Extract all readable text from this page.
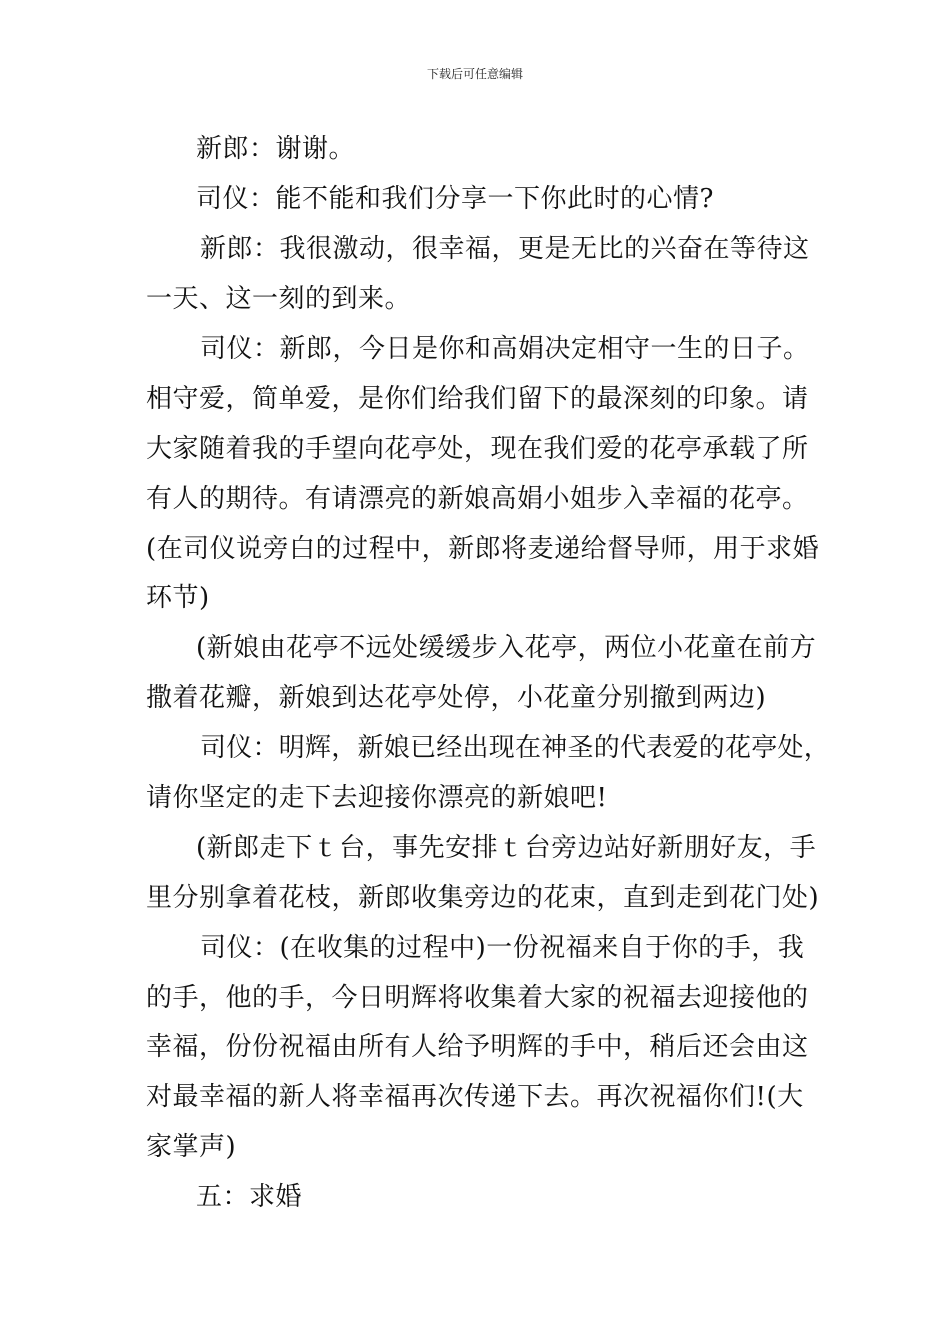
下载后可任意编辑
新郎：谢谢。
司仪：能不能和我们分享一下你此时的心情?
新郎：我很激动，很幸福，更是无比的兴奋在等待这
一天、这一刻的到来。
司仪：新郎，今日是你和高娟决定相守一生的日子。
相守爱，简单爱，是你们给我们留下的最深刻的印象。请
大家随着我的手望向花亭处，现在我们爱的花亭承载了所
有人的期待。有请漂亮的新娘高娟小姐步入幸福的花亭。
(在司仪说旁白的过程中，新郎将麦递给督导师，用于求婚
环节)
(新娘由花亭不远处缓缓步入花亭，两位小花童在前方
撒着花瓣，新娘到达花亭处停，小花童分别撤到两边)
司仪：明辉，新娘已经出现在神圣的代表爱的花亭处，
请你坚定的走下去迎接你漂亮的新娘吧!
(新郎走下ｔ台，事先安排ｔ台旁边站好新朋好友，手
里分别拿着花枝，新郎收集旁边的花束，直到走到花门处)
司仪：(在收集的过程中)一份祝福来自于你的手，我
的手，他的手，今日明辉将收集着大家的祝福去迎接他的
幸福，份份祝福由所有人给予明辉的手中，稍后还会由这
对最幸福的新人将幸福再次传递下去。再次祝福你们!(大
家掌声)
五：求婚
